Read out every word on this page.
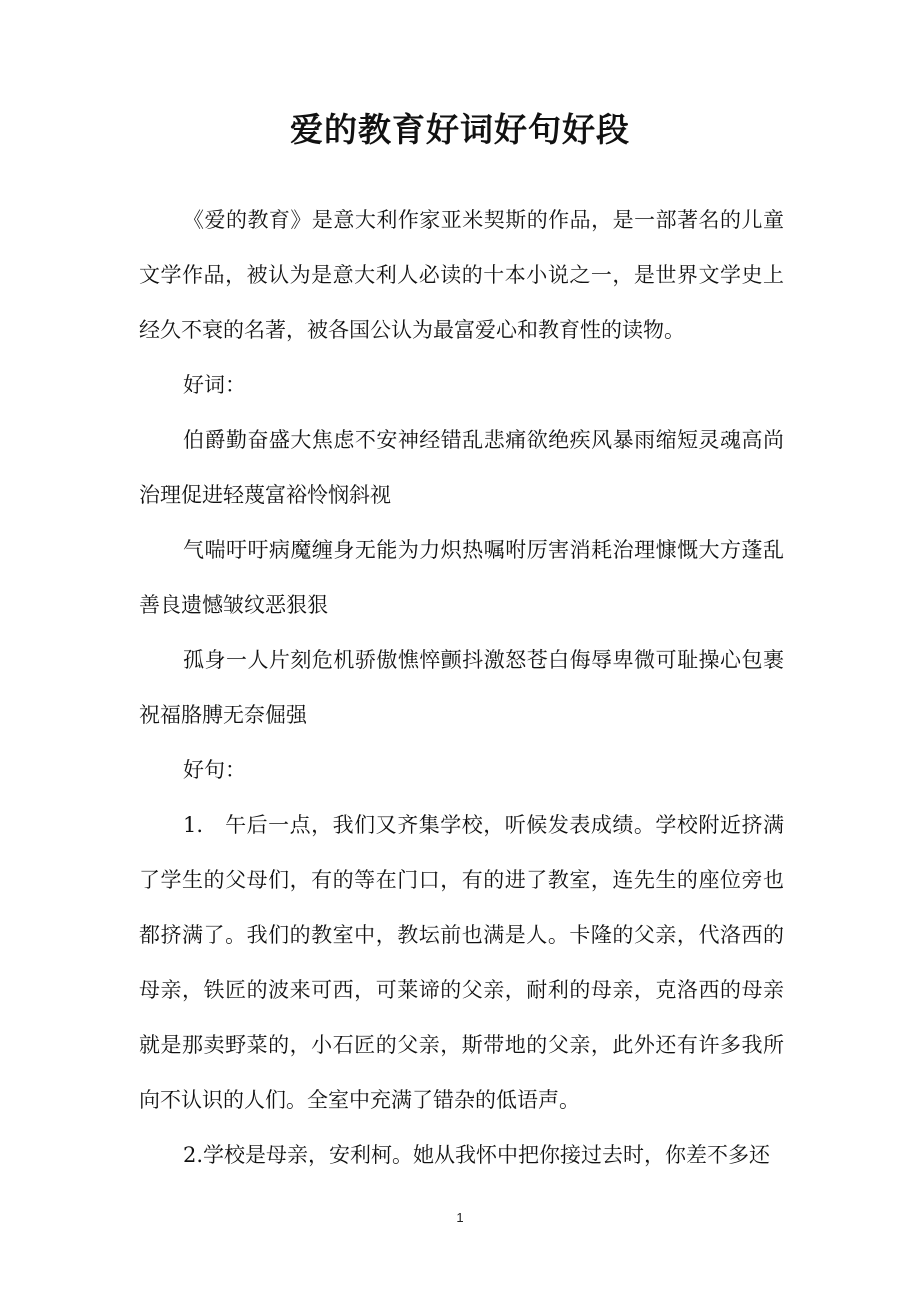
爱的教育好词好句好段

《爱的教育》是意大利作家亚米契斯的作品，是一部著名的儿童文学作品，被认为是意大利人必读的十本小说之一，是世界文学史上经久不衰的名著，被各国公认为最富爱心和教育性的读物。

好词：

伯爵勤奋盛大焦虑不安神经错乱悲痛欲绝疾风暴雨缩短灵魂高尚治理促进轻蔑富裕怜悯斜视

气喘吁吁病魔缠身无能为力炽热嘱咐厉害消耗治理慷慨大方蓬乱善良遗憾皱纹恶狠狠

孤身一人片刻危机骄傲憔悴颤抖激怒苍白侮辱卑微可耻操心包裹祝福胳膊无奈倔强

好句：

1.　午后一点，我们又齐集学校，听候发表成绩。学校附近挤满了学生的父母们，有的等在门口，有的进了教室，连先生的座位旁也都挤满了。我们的教室中，教坛前也满是人。卡隆的父亲，代洛西的母亲，铁匠的波来可西，可莱谛的父亲，耐利的母亲，克洛西的母亲就是那卖野菜的，小石匠的父亲，斯带地的父亲，此外还有许多我所向不认识的人们。全室中充满了错杂的低语声。

2.学校是母亲，安利柯。她从我怀中把你接过去时，你差不多还

1
